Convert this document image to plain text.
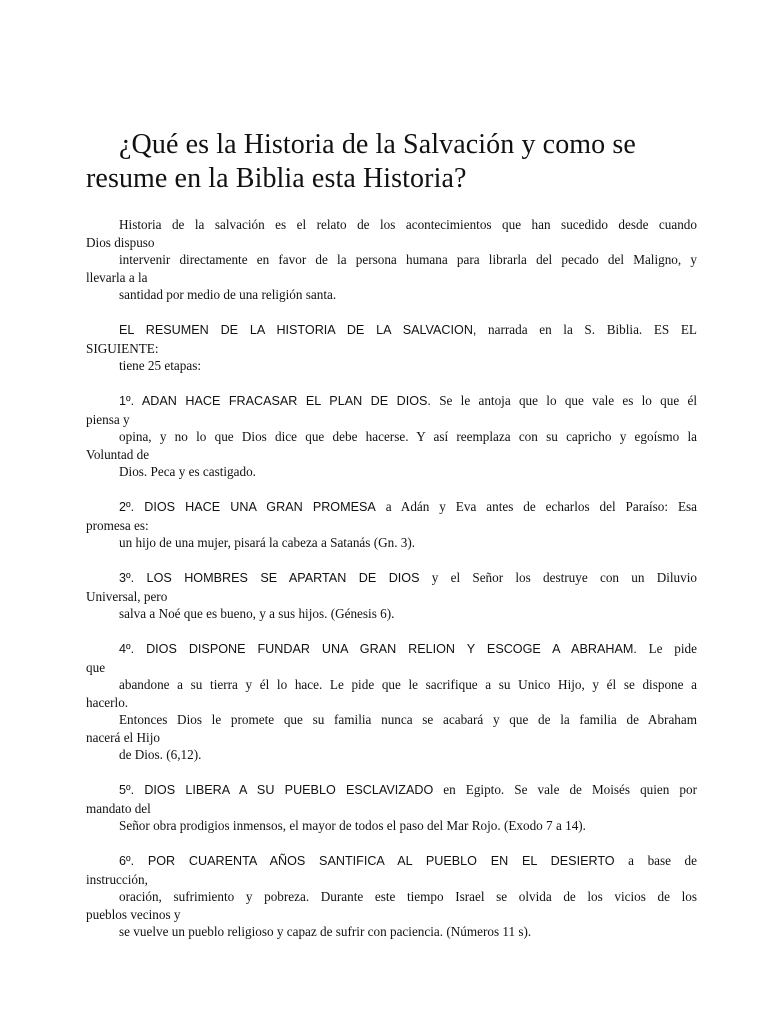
¿Qué es la Historia de la Salvación y como se resume en la Biblia esta Historia?
Historia de la salvación es el relato de los acontecimientos que han sucedido desde cuando
Dios dispuso
intervenir directamente en favor de la persona humana para librarla del pecado del Maligno, y
llevarla a la
santidad por medio de una religión santa.
EL RESUMEN DE LA HISTORIA DE LA SALVACION, narrada en la S. Biblia. ES EL
SIGUIENTE:
tiene 25 etapas:
1º. ADAN HACE FRACASAR EL PLAN DE DIOS. Se le antoja que lo que vale es lo que él
piensa y
opina, y no lo que Dios dice que debe hacerse. Y así reemplaza con su capricho y egoísmo la
Voluntad de
Dios. Peca y es castigado.
2º. DIOS HACE UNA GRAN PROMESA a Adán y Eva antes de echarlos del Paraíso: Esa
promesa es:
un hijo de una mujer, pisará la cabeza a Satanás (Gn. 3).
3º. LOS HOMBRES SE APARTAN DE DIOS y el Señor los destruye con un Diluvio
Universal, pero
salva a Noé que es bueno, y a sus hijos. (Génesis 6).
4º. DIOS DISPONE FUNDAR UNA GRAN RELION Y ESCOGE A ABRAHAM. Le pide
que
abandone a su tierra y él lo hace. Le pide que le sacrifique a su Unico Hijo, y él se dispone a
hacerlo.
Entonces Dios le promete que su familia nunca se acabará y que de la familia de Abraham
nacerá el Hijo
de Dios. (6,12).
5º. DIOS LIBERA A SU PUEBLO ESCLAVIZADO en Egipto. Se vale de Moisés quien por
mandato del
Señor obra prodigios inmensos, el mayor de todos el paso del Mar Rojo. (Exodo 7 a 14).
6º. POR CUARENTA AÑOS SANTIFICA AL PUEBLO EN EL DESIERTO a base de
instrucción,
oración, sufrimiento y pobreza. Durante este tiempo Israel se olvida de los vicios de los
pueblos vecinos y
se vuelve un pueblo religioso y capaz de sufrir con paciencia. (Números 11 s).
